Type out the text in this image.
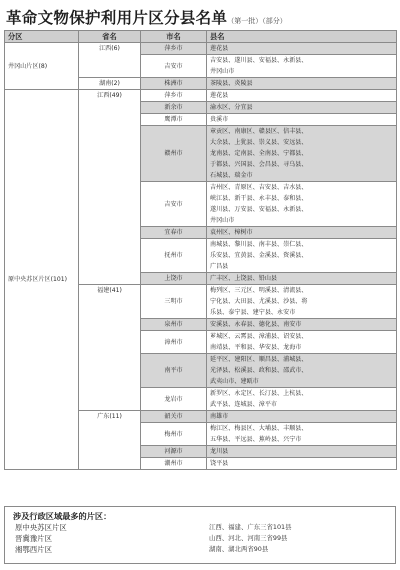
革命文物保护利用片区分县名单（第一批）（部分）
分区	省名	市名	县名
井冈山片区(8)	江西(6)	萍乡市	莲花县

		吉安市	吉安县、遂川县、安福县、永新县、
井冈山市

	湖南(2)	株洲市	茶陵县、炎陵县

原中央苏区片区(101)	江西(49)	萍乡市	莲花县

		新余市	渝水区、分宜县

		鹰潭市	贵溪市

		赣州市	章贡区、南康区、赣县区、信丰县、
大余县、上犹县、崇义县、安远县、
龙南县、定南县、全南县、宁都县、
于都县、兴国县、会昌县、寻乌县、
石城县、瑞金市

		吉安市	吉州区、青原区、吉安县、吉水县、
峡江县、新干县、永丰县、泰和县、
遂川县、万安县、安福县、永新县、
井冈山市

		宜春市	袁州区、樟树市

		抚州市	南城县、黎川县、南丰县、崇仁县、
乐安县、宜黄县、金溪县、资溪县、
广昌县

		上饶市	广丰区、上饶县、铅山县

	福建(41)	三明市	梅列区、三元区、明溪县、清流县、
宁化县、大田县、尤溪县、沙县、将
乐县、泰宁县、建宁县、永安市

		泉州市	安溪县、永春县、德化县、南安市

		漳州市	芗城区、云霄县、漳浦县、诏安县、
南靖县、平和县、华安县、龙海市

		南平市	延平区、建阳区、顺昌县、浦城县、
光泽县、松溪县、政和县、邵武市、
武夷山市、建瓯市

		龙岩市	新罗区、永定区、长汀县、上杭县、
武平县、连城县、漳平市

	广东(11)	韶关市	南雄市

		梅州市	梅江区、梅县区、大埔县、丰顺县、
五华县、平远县、蕉岭县、兴宁市

		河源市	龙川县

		潮州市	饶平县
涉及行政区域最多的片区：
原中央苏区片区	江西、福建、广东三省101县
晋冀豫片区	山西、河北、河南三省99县
湘鄂西片区	湖南、湖北两省90县
